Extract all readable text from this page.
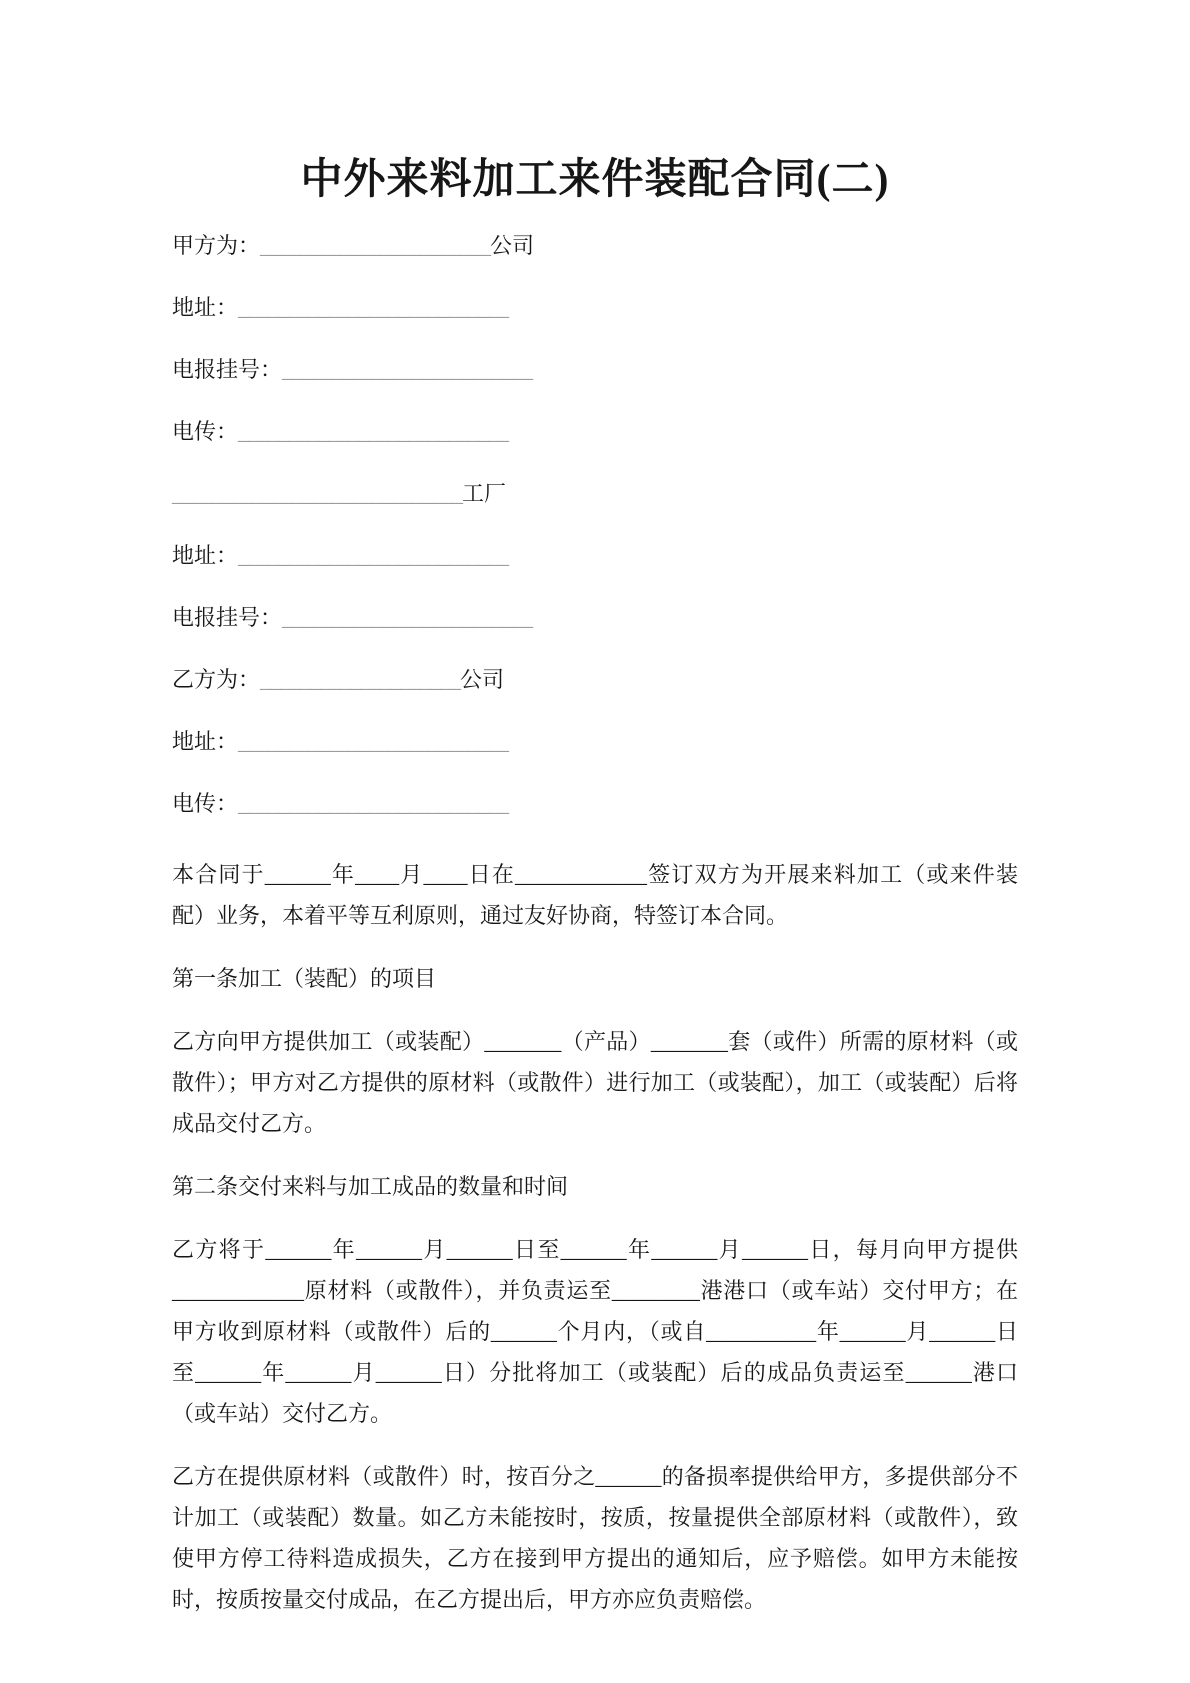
中外来料加工来件装配合同(二)
甲方为：_______________________公司
地址：___________________________
电报挂号：_________________________
电传：___________________________
_____________________________工厂
地址：___________________________
电报挂号：_________________________
乙方为：____________________公司
地址：___________________________
电传：___________________________

本合同于______年____月____日在____________签订双方为开展来料加工（或来件装配）业务，本着平等互利原则，通过友好协商，特签订本合同。

第一条加工（装配）的项目

乙方向甲方提供加工（或装配）_______（产品）_______套（或件）所需的原材料（或散件）；甲方对乙方提供的原材料（或散件）进行加工（或装配），加工（或装配）后将成品交付乙方。

第二条交付来料与加工成品的数量和时间

乙方将于______年______月______日至______年______月______日，每月向甲方提供____________原材料（或散件），并负责运至________港港口（或车站）交付甲方；在甲方收到原材料（或散件）后的______个月内，（或自__________年______月______日至______年______月______日）分批将加工（或装配）后的成品负责运至______港口（或车站）交付乙方。

乙方在提供原材料（或散件）时，按百分之______的备损率提供给甲方，多提供部分不计加工（或装配）数量。如乙方未能按时，按质，按量提供全部原材料（或散件），致使甲方停工待料造成损失，乙方在接到甲方提出的通知后，应予赔偿。如甲方未能按时，按质按量交付成品，在乙方提出后，甲方亦应负责赔偿。
